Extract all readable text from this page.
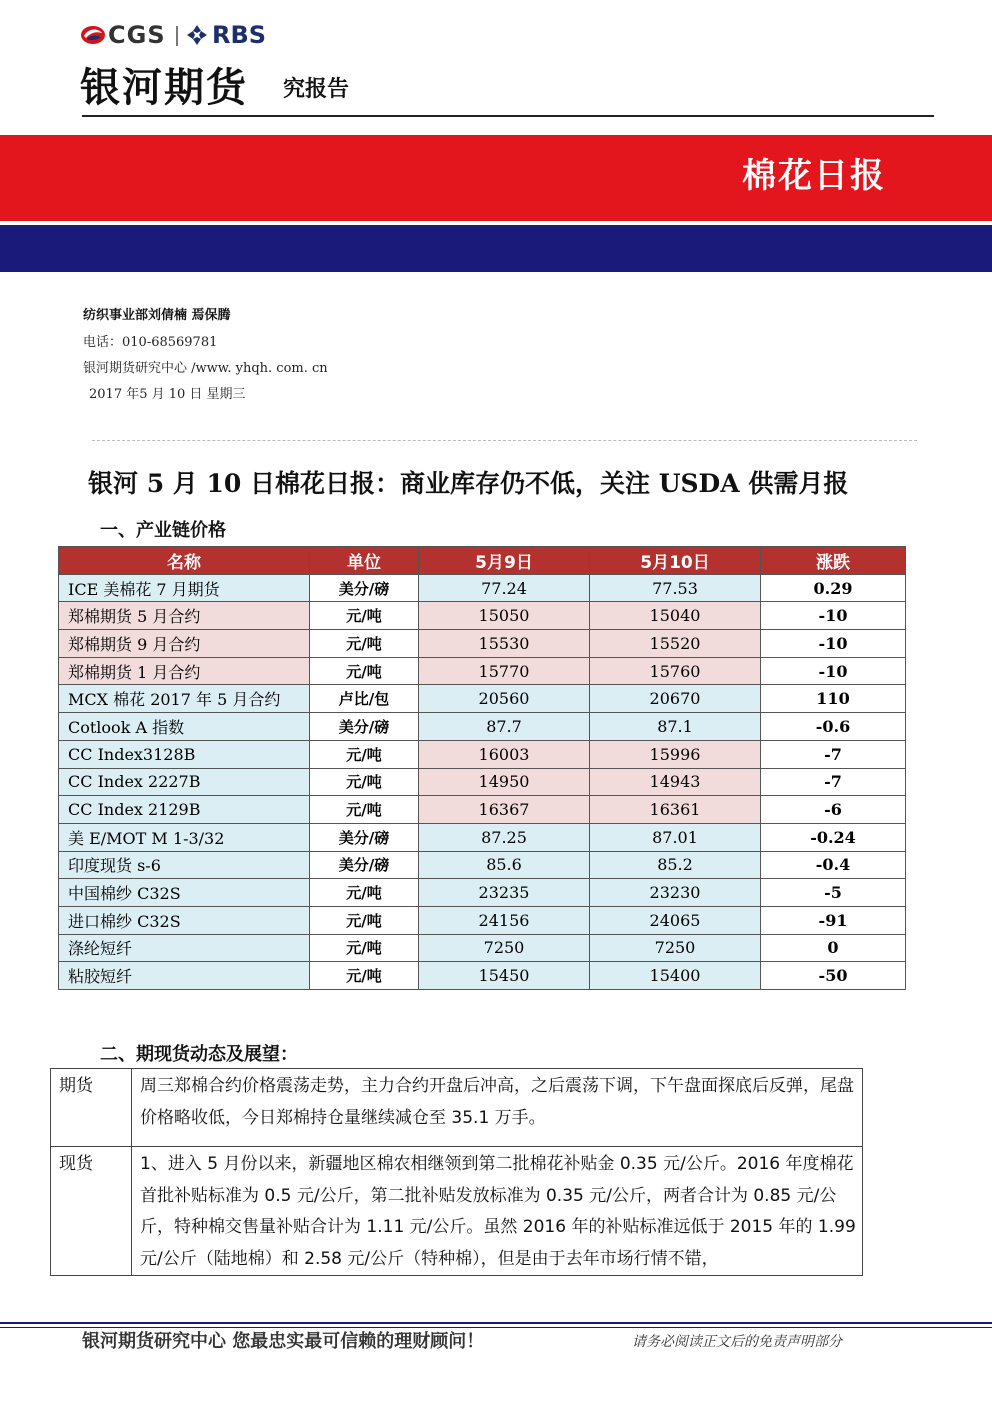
CGS RBS
银河期货 究报告
棉花日报
纺织事业部刘倩楠 焉保腾
电话：010-68569781
银河期货研究中心 /www. yhqh. com. cn
2017 年5 月 10 日 星期三
银河 5 月 10 日棉花日报：商业库存仍不低，关注 USDA 供需月报
一、产业链价格
名称	单位	5月9日	5月10日	涨跌
ICE 美棉花 7 月期货	美分/磅	77.24	77.53	0.29
郑棉期货 5 月合约	元/吨	15050	15040	-10
郑棉期货 9 月合约	元/吨	15530	15520	-10
郑棉期货 1 月合约	元/吨	15770	15760	-10
MCX 棉花 2017 年 5 月合约	卢比/包	20560	20670	110
Cotlook A 指数	美分/磅	87.7	87.1	-0.6
CC Index3128B	元/吨	16003	15996	-7
CC Index 2227B	元/吨	14950	14943	-7
CC Index 2129B	元/吨	16367	16361	-6
美 E/MOT M 1-3/32	美分/磅	87.25	87.01	-0.24
印度现货 s-6	美分/磅	85.6	85.2	-0.4
中国棉纱 C32S	元/吨	23235	23230	-5
进口棉纱 C32S	元/吨	24156	24065	-91
涤纶短纤	元/吨	7250	7250	0
粘胶短纤	元/吨	15450	15400	-50
二、期现货动态及展望：
期货	周三郑棉合约价格震荡走势，主力合约开盘后冲高，之后震荡下调，下午盘面探底后反弹，尾盘价格略收低，今日郑棉持仓量继续减仓至 35.1 万手。
现货	1、进入 5 月份以来，新疆地区棉农相继领到第二批棉花补贴金 0.35 元/公斤。2016 年度棉花首批补贴标准为 0.5 元/公斤，第二批补贴发放标准为 0.35 元/公斤，两者合计为 0.85 元/公斤，特种棉交售量补贴合计为 1.11 元/公斤。虽然 2016 年的补贴标准远低于 2015 年的 1.99 元/公斤（陆地棉）和 2.58 元/公斤（特种棉），但是由于去年市场行情不错，
银河期货研究中心 您最忠实最可信赖的理财顾问！	请务必阅读正文后的免责声明部分
